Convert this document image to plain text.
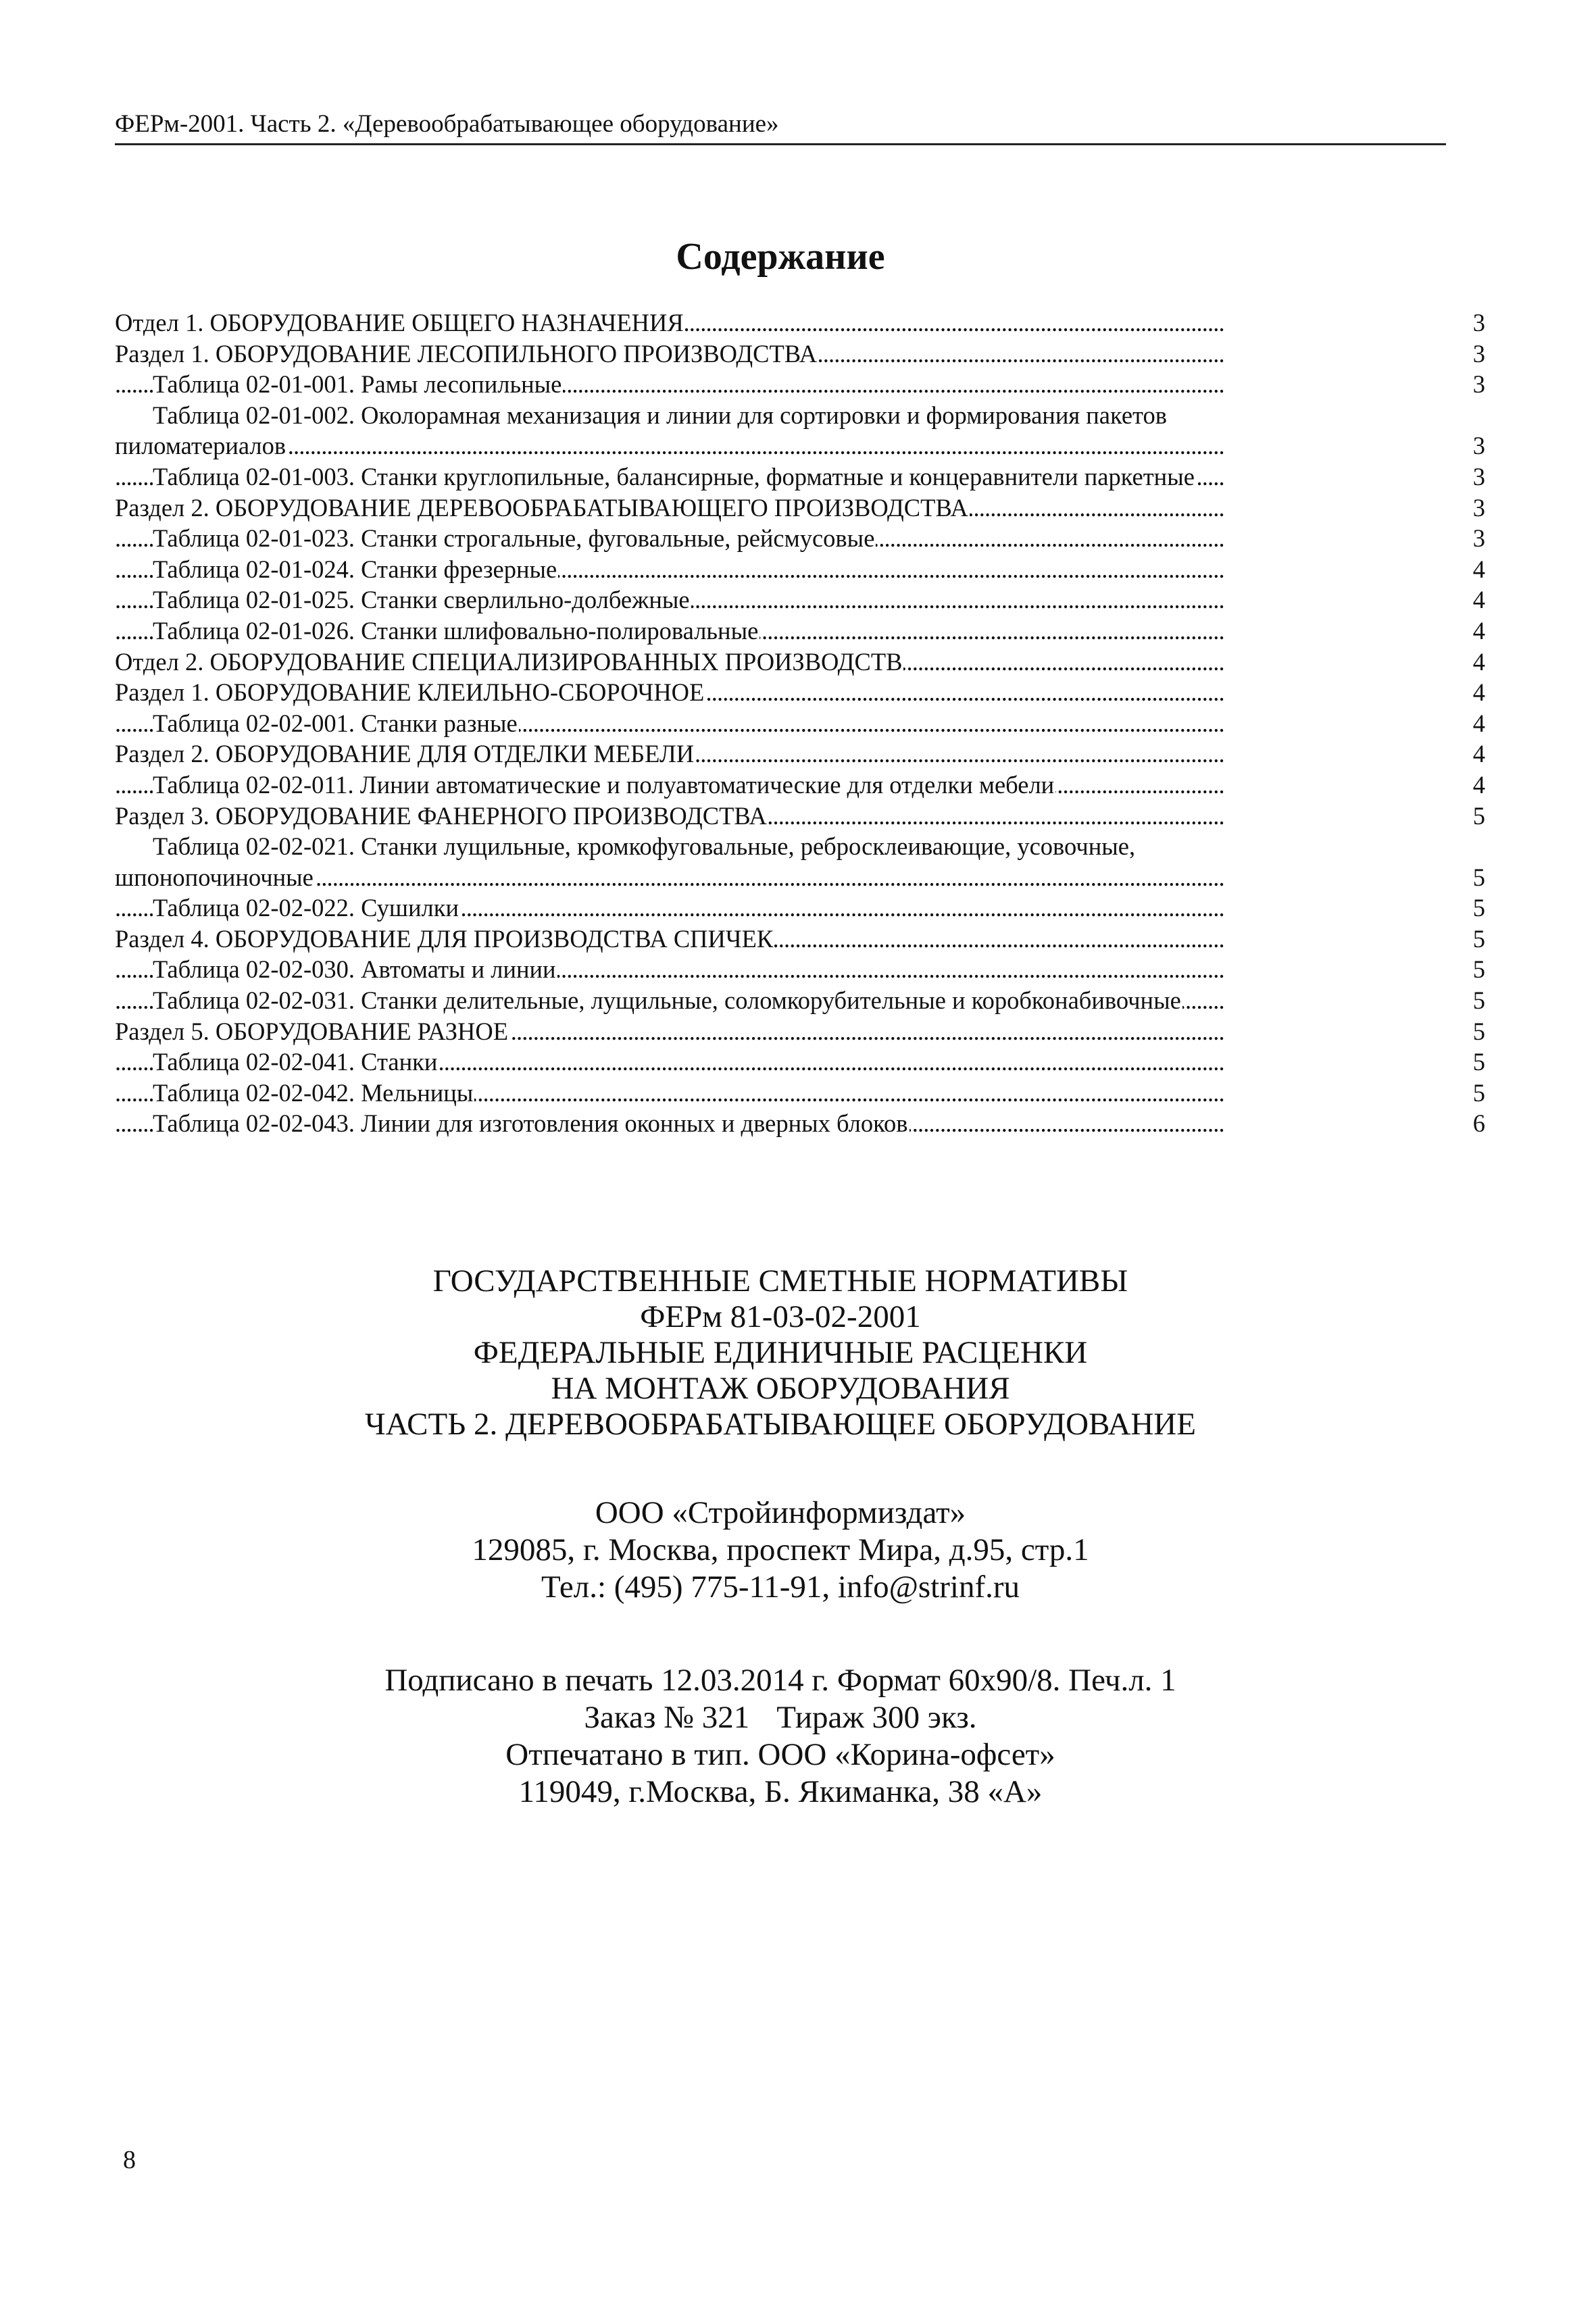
ФЕРм-2001. Часть 2. «Деревообрабатывающее оборудование»
Содержание
Отдел 1. ОБОРУДОВАНИЕ ОБЩЕГО НАЗНАЧЕНИЯ	3
. . .
Раздел 1. ОБОРУДОВАНИЕ ЛЕСОПИЛЬНОГО ПРОИЗВОДСТВА	3
. . .
Таблица 02-01-001. Рамы лесопильные	3
. . .
Таблица 02-01-002. Околорамная механизация и линии для сортировки и формирования пакетов
пиломатериалов	3
. . .
Таблица 02-01-003. Станки круглопильные, балансирные, форматные и концеравнители паркетные	3
. . .
Раздел 2. ОБОРУДОВАНИЕ ДЕРЕВООБРАБАТЫВАЮЩЕГО ПРОИЗВОДСТВА	3
. . .
Таблица 02-01-023. Станки строгальные, фуговальные, рейсмусовые	3
. . .
Таблица 02-01-024. Станки фрезерные	4
. . .
Таблица 02-01-025. Станки сверлильно-долбежные	4
. . .
Таблица 02-01-026. Станки шлифовально-полировальные	4
. . .
Отдел 2. ОБОРУДОВАНИЕ СПЕЦИАЛИЗИРОВАННЫХ ПРОИЗВОДСТВ	4
. . .
Раздел 1. ОБОРУДОВАНИЕ КЛЕИЛЬНО-СБОРОЧНОЕ	4
. . .
Таблица 02-02-001. Станки разные	4
. . .
Раздел 2. ОБОРУДОВАНИЕ ДЛЯ ОТДЕЛКИ МЕБЕЛИ	4
. . .
Таблица 02-02-011. Линии автоматические и полуавтоматические для отделки мебели	4
. . .
Раздел 3. ОБОРУДОВАНИЕ ФАНЕРНОГО ПРОИЗВОДСТВА	5
. . .
Таблица 02-02-021. Станки лущильные, кромкофуговальные, ребросклеивающие, усовочные,
шпонопочиночные	5
. . .
Таблица 02-02-022. Сушилки	5
. . .
Раздел 4. ОБОРУДОВАНИЕ ДЛЯ ПРОИЗВОДСТВА СПИЧЕК	5
. . .
Таблица 02-02-030. Автоматы и линии	5
. . .
Таблица 02-02-031. Станки делительные, лущильные, соломкорубительные и коробконабивочные	5
. . .
Раздел 5. ОБОРУДОВАНИЕ РАЗНОЕ	5
. . .
Таблица 02-02-041. Станки	5
. . .
Таблица 02-02-042. Мельницы	5
. . .
Таблица 02-02-043. Линии для изготовления оконных и дверных блоков	6
. . .
ГОСУДАРСТВЕННЫЕ СМЕТНЫЕ НОРМАТИВЫ
ФЕРм 81-03-02-2001
ФЕДЕРАЛЬНЫЕ ЕДИНИЧНЫЕ РАСЦЕНКИ
НА МОНТАЖ ОБОРУДОВАНИЯ
ЧАСТЬ 2. ДЕРЕВООБРАБАТЫВАЮЩЕЕ ОБОРУДОВАНИЕ
ООО «Стройинформиздат»
129085, г. Москва, проспект Мира, д.95, стр.1
Тел.: (495) 775-11-91, info@strinf.ru
Подписано в печать 12.03.2014 г. Формат 60x90/8. Печ.л. 1
Заказ № 321 Тираж 300 экз.
Отпечатано в тип. ООО «Корина-офсет»
119049, г.Москва, Б. Якиманка, 38 «А»
8
